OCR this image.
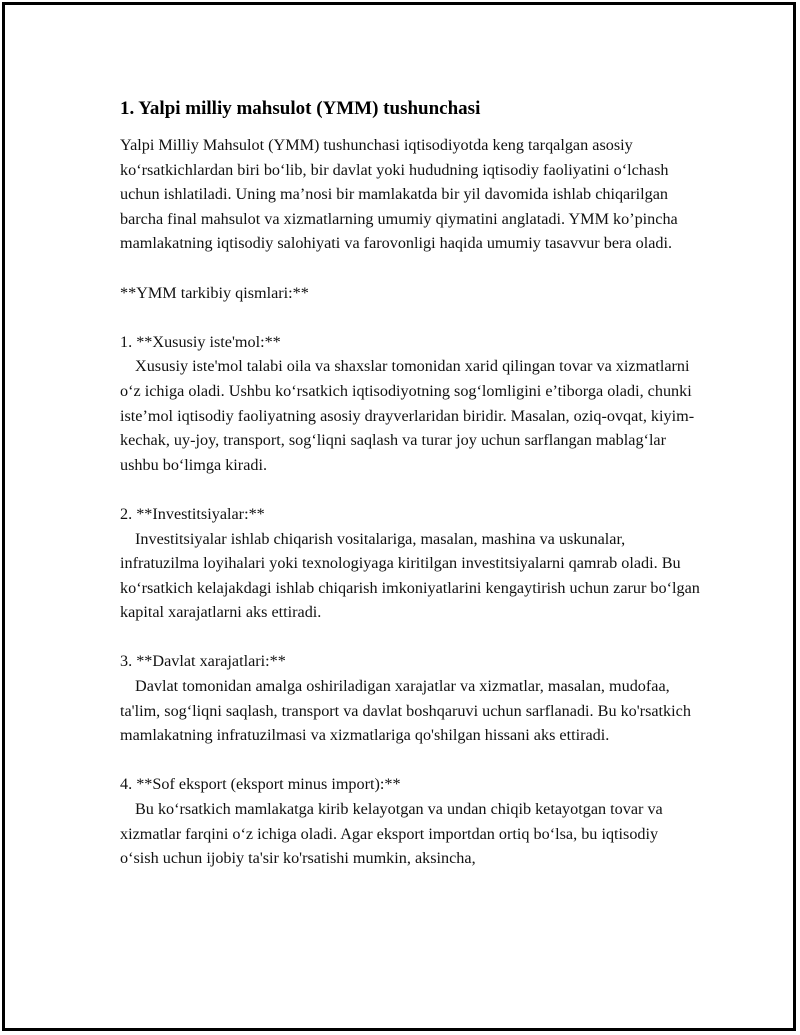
1. Yalpi milliy mahsulot (YMM) tushunchasi

Yalpi Milliy Mahsulot (YMM) tushunchasi iqtisodiyotda keng tarqalgan asosiy ko‘rsatkichlardan biri bo‘lib, bir davlat yoki hududning iqtisodiy faoliyatini o‘lchash uchun ishlatiladi. Uning ma’nosi bir mamlakatda bir yil davomida ishlab chiqarilgan barcha final mahsulot va xizmatlarning umumiy qiymatini anglatadi. YMM ko’pincha mamlakatning iqtisodiy salohiyati va farovonligi haqida umumiy tasavvur bera oladi.

**YMM tarkibiy qismlari:**

1. **Xususiy iste'mol:**

Xususiy iste'mol talabi oila va shaxslar tomonidan xarid qilingan tovar va xizmatlarni o‘z ichiga oladi. Ushbu ko‘rsatkich iqtisodiyotning sog‘lomligini e’tiborga oladi, chunki iste’mol iqtisodiy faoliyatning asosiy drayverlaridan biridir. Masalan, oziq-ovqat, kiyim-kechak, uy-joy, transport, sog‘liqni saqlash va turar joy uchun sarflangan mablag‘lar ushbu bo‘limga kiradi.

2. **Investitsiyalar:**

Investitsiyalar ishlab chiqarish vositalariga, masalan, mashina va uskunalar, infratuzilma loyihalari yoki texnologiyaga kiritilgan investitsiyalarni qamrab oladi. Bu ko‘rsatkich kelajakdagi ishlab chiqarish imkoniyatlarini kengaytirish uchun zarur bo‘lgan kapital xarajatlarni aks ettiradi.

3. **Davlat xarajatlari:**

Davlat tomonidan amalga oshiriladigan xarajatlar va xizmatlar, masalan, mudofaa, ta'lim, sog‘liqni saqlash, transport va davlat boshqaruvi uchun sarflanadi. Bu ko'rsatkich mamlakatning infratuzilmasi va xizmatlariga qo'shilgan hissani aks ettiradi.

4. **Sof eksport (eksport minus import):**

Bu ko‘rsatkich mamlakatga kirib kelayotgan va undan chiqib ketayotgan tovar va xizmatlar farqini o‘z ichiga oladi. Agar eksport importdan ortiq bo‘lsa, bu iqtisodiy o‘sish uchun ijobiy ta'sir ko'rsatishi mumkin, aksincha,
